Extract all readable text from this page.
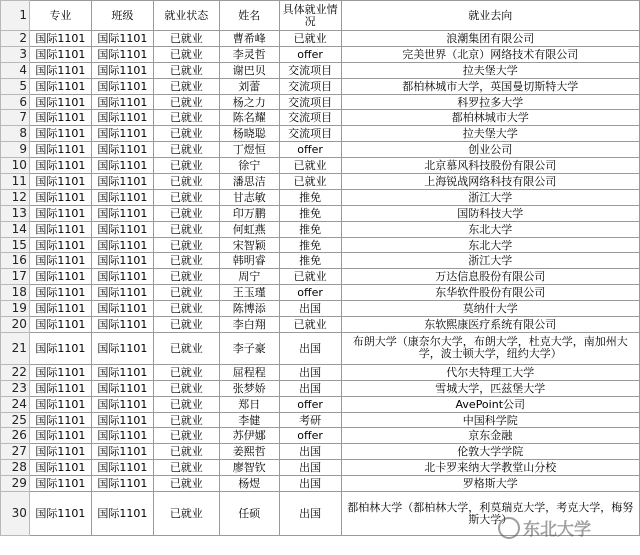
1	专业	班级	就业状态	姓名	具体就业情况	就业去向
2	国际1101	国际1101	已就业	曹希峰	已就业	浪潮集团有限公司
3	国际1101	国际1101	已就业	李灵哲	offer	完美世界（北京）网络技术有限公司
4	国际1101	国际1101	已就业	谢巴贝	交流项目	拉夫堡大学
5	国际1101	国际1101	已就业	刘蕾	交流项目	都柏林城市大学，英国曼切斯特大学
6	国际1101	国际1101	已就业	杨之力	交流项目	科罗拉多大学
7	国际1101	国际1101	已就业	陈名耀	交流项目	都柏林城市大学
8	国际1101	国际1101	已就业	杨晓聪	交流项目	拉夫堡大学
9	国际1101	国际1101	已就业	丁煜恒	offer	创业公司
10	国际1101	国际1101	已就业	徐宁	已就业	北京慕风科技股份有限公司
11	国际1101	国际1101	已就业	潘思洁	已就业	上海锐战网络科技有限公司
12	国际1101	国际1101	已就业	甘志敏	推免	浙江大学
13	国际1101	国际1101	已就业	印万鹏	推免	国防科技大学
14	国际1101	国际1101	已就业	何虹燕	推免	东北大学
15	国际1101	国际1101	已就业	宋智颖	推免	东北大学
16	国际1101	国际1101	已就业	韩明睿	推免	浙江大学
17	国际1101	国际1101	已就业	周宁	已就业	万达信息股份有限公司
18	国际1101	国际1101	已就业	王玉瑾	offer	东华软件股份有限公司
19	国际1101	国际1101	已就业	陈博添	出国	莫纳什大学
20	国际1101	国际1101	已就业	李白翔	已就业	东软熙康医疗系统有限公司
21	国际1101	国际1101	已就业	李子豪	出国	布朗大学（康奈尔大学，布朗大学，杜克大学，南加州大学，波士顿大学，纽约大学）
22	国际1101	国际1101	已就业	屈程程	出国	代尔夫特理工大学
23	国际1101	国际1101	已就业	张梦娇	出国	雪城大学，匹兹堡大学
24	国际1101	国际1101	已就业	郑日	offer	AvePoint公司
25	国际1101	国际1101	已就业	李健	考研	中国科学院
26	国际1101	国际1101	已就业	苏伊娜	offer	京东金融
27	国际1101	国际1101	已就业	姜熙哲	出国	伦敦大学学院
28	国际1101	国际1101	已就业	廖智钦	出国	北卡罗来纳大学教堂山分校
29	国际1101	国际1101	已就业	杨煜	出国	罗格斯大学
30	国际1101	国际1101	已就业	任硕	出国	都柏林大学（都柏林大学，利莫瑞克大学，考克大学，梅努斯大学）
东北大学
